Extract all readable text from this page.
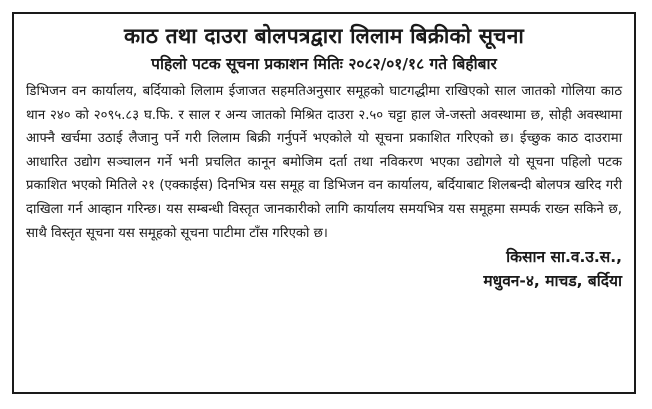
काठ तथा दाउरा बोलपत्रद्वारा लिलाम बिक्रीको सूचना
पहिलो पटक सूचना प्रकाशन मितिः २०८२/०१/१८ गते बिहीबार

डिभिजन वन कार्यालय, बर्दियाको लिलाम ईजाजत सहमतिअनुसार समूहको घाटगद्धीमा राखिएको साल जातको गोलिया काठ थान २४० को २०९५.८३ घ.फि. र साल र अन्य जातको मिश्रित दाउरा २.५० चट्टा हाल जे-जस्तो अवस्थामा छ, सोही अवस्थामा आफ्नै खर्चमा उठाई लैजानु पर्ने गरी लिलाम बिक्री गर्नुपर्ने भएकोले यो सूचना प्रकाशित गरिएको छ। ईच्छुक काठ दाउरामा आधारित उद्योग सञ्चालन गर्ने भनी प्रचलित कानून बमोजिम दर्ता तथा नविकरण भएका उद्योगले यो सूचना पहिलो पटक प्रकाशित भएको मितिले २१ (एक्काईस) दिनभित्र यस समूह वा डिभिजन वन कार्यालय, बर्दियाबाट शिलबन्दी बोलपत्र खरिद गरी दाखिला गर्न आव्हान गरिन्छ। यस सम्बन्धी विस्तृत जानकारीको लागि कार्यालय समयभित्र यस समूहमा सम्पर्क राख्न सकिने छ, साथै विस्तृत सूचना यस समूहको सूचना पाटीमा टाँस गरिएको छ।

किसान सा.व.उ.स.,

मधुवन-४, माचड, बर्दिया
